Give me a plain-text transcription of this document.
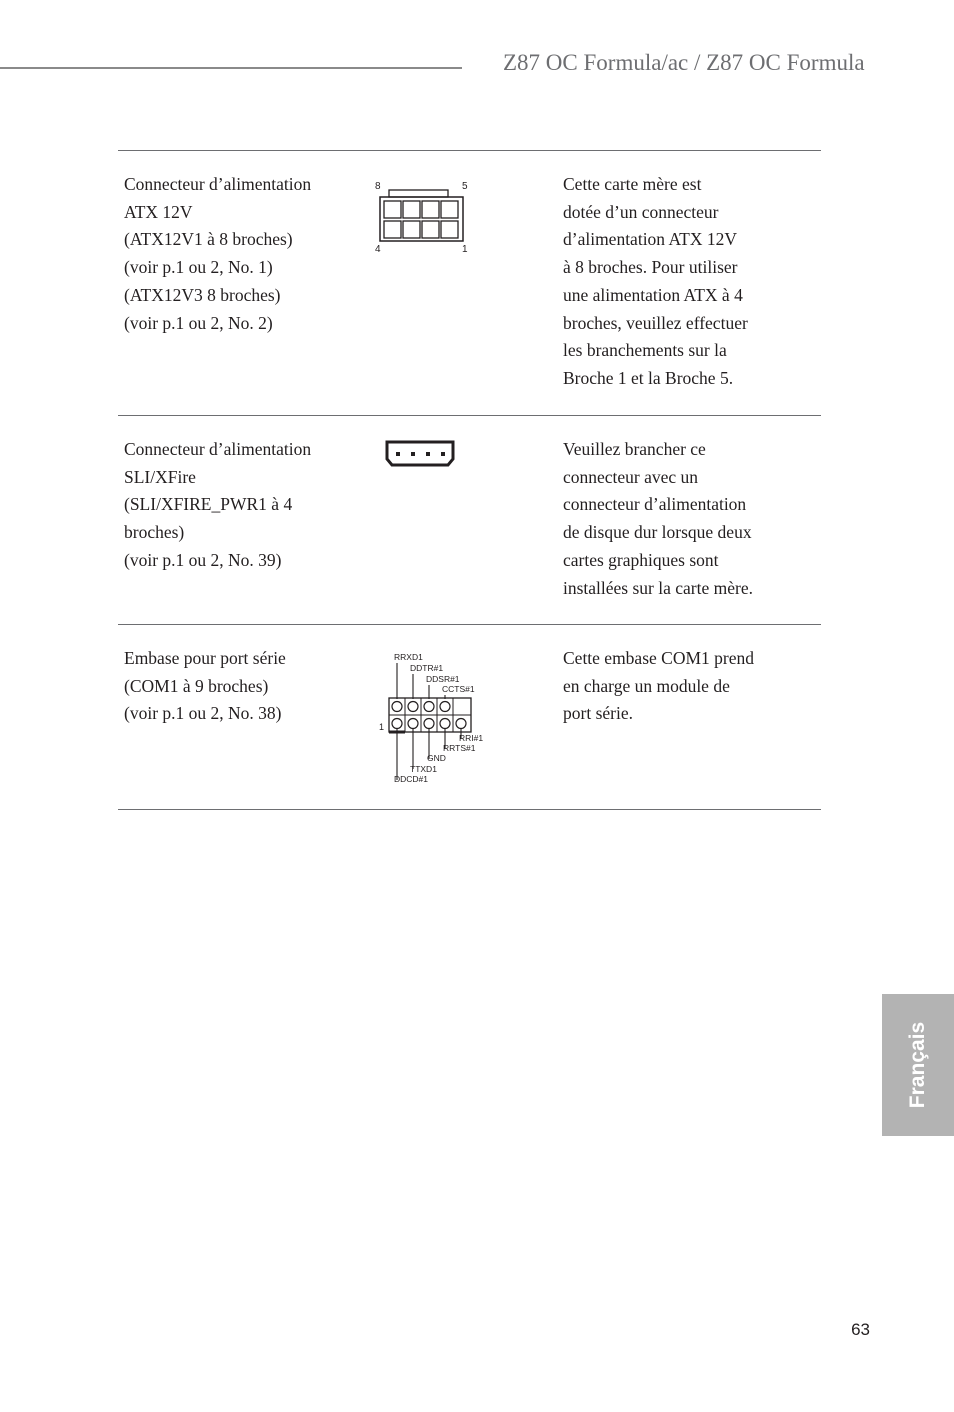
Z87 OC Formula/ac / Z87 OC Formula
Connecteur d’alimentation
ATX 12V
(ATX12V1 à 8 broches)
(voir p.1 ou 2, No. 1)
(ATX12V3 8 broches)
(voir p.1 ou 2, No. 2)
8	5
4	1
Cette carte mère est
dotée d’un connecteur
d’alimentation ATX 12V
à 8 broches. Pour utiliser
une alimentation ATX à 4
broches, veuillez effectuer
les branchements sur la
Broche 1 et la Broche 5.
Connecteur d’alimentation
SLI/XFire
(SLI/XFIRE_PWR1 à 4
broches)
(voir p.1 ou 2, No. 39)
Veuillez brancher ce
connecteur avec un
connecteur d’alimentation
de disque dur lorsque deux
cartes graphiques sont
installées sur la carte mère.
Embase pour port série
(COM1 à 9 broches)
(voir p.1 ou 2, No. 38)
RRXD1
DDTR#1
DDSR#1
CCTS#1
1
RRI#1
RRTS#1
GND
TTXD1
DDCD#1
Cette embase COM1 prend
en charge un module de
port série.
Français
63
